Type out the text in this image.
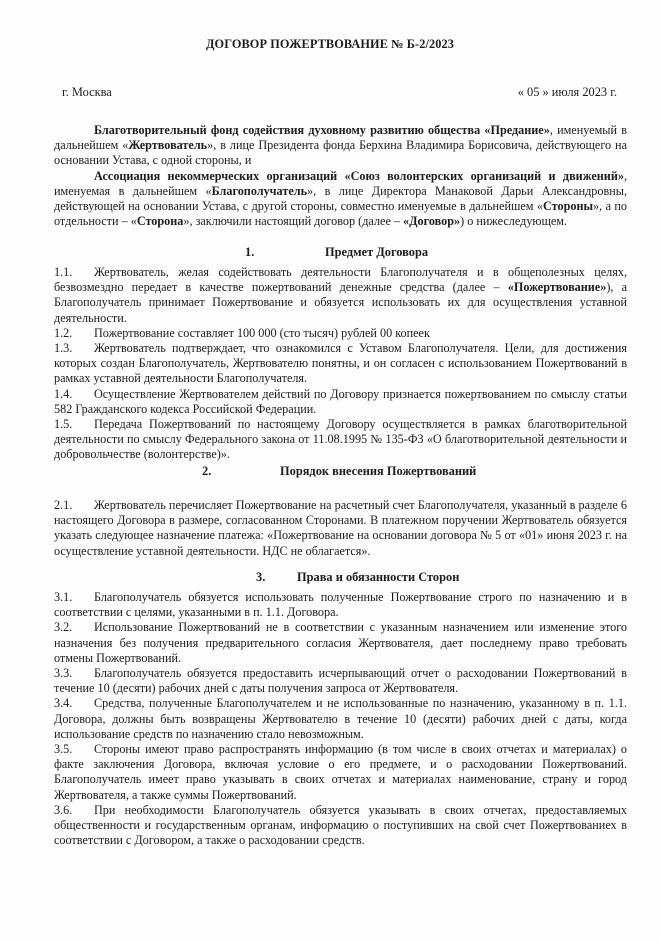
ДОГОВОР ПОЖЕРТВОВАНИЕ № Б-2/2023
г. Москва	« 05 » июля 2023 г.

Благотворительный фонд содействия духовному развитию общества «Предание», именуемый в дальнейшем «Жертвователь», в лице Президента фонда Берхина Владимира Борисовича, действующего на основании Устава, с одной стороны, и

Ассоциация некоммерческих организаций «Союз волонтерских организаций и движений», именуемая в дальнейшем «Благополучатель», в лице Директора Манаковой Дарьи Александровны, действующей на основании Устава, с другой стороны, совместно именуемые в дальнейшем «Стороны», а по отдельности – «Сторона», заключили настоящий договор (далее – «Договор») о нижеследующем.

1.	Предмет Договора

1.1. Жертвователь, желая содействовать деятельности Благополучателя и в общеполезных целях, безвозмездно передает в качестве пожертвований денежные средства (далее – «Пожертвование»), а Благополучатель принимает Пожертвование и обязуется использовать их для осуществления уставной деятельности.

1.2. Пожертвование составляет 100 000 (сто тысяч) рублей 00 копеек

1.3. Жертвователь подтверждает, что ознакомился с Уставом Благополучателя. Цели, для достижения которых создан Благополучатель, Жертвователю понятны, и он согласен с использованием Пожертвований в рамках уставной деятельности Благополучателя.

1.4. Осуществление Жертвователем действий по Договору признается пожертвованием по смыслу статьи 582 Гражданского кодекса Российской Федерации.

1.5. Передача Пожертвований по настоящему Договору осуществляется в рамках благотворительной деятельности по смыслу Федерального закона от 11.08.1995 № 135-ФЗ «О благотворительной деятельности и добровольчестве (волонтерстве)».

2.	Порядок внесения Пожертвований

2.1. Жертвователь перечисляет Пожертвование на расчетный счет Благополучателя, указанный в разделе 6 настоящего Договора в размере, согласованном Сторонами. В платежном поручении Жертвователь обязуется указать следующее назначение платежа: «Пожертвование на основании договора № 5 от «01» июня 2023 г. на осуществление уставной деятельности. НДС не облагается».

3.	Права и обязанности Сторон

3.1. Благополучатель обязуется использовать полученные Пожертвование строго по назначению и в соответствии с целями, указанными в п. 1.1. Договора.

3.2. Использование Пожертвований не в соответствии с указанным назначением или изменение этого назначения без получения предварительного согласия Жертвователя, дает последнему право требовать отмены Пожертвований.

3.3. Благополучатель обязуется предоставить исчерпывающий отчет о расходовании Пожертвований в течение 10 (десяти) рабочих дней с даты получения запроса от Жертвователя.

3.4. Средства, полученные Благополучателем и не использованные по назначению, указанному в п. 1.1. Договора, должны быть возвращены Жертвователю в течение 10 (десяти) рабочих дней с даты, когда использование средств по назначению стало невозможным.

3.5. Стороны имеют право распространять информацию (в том числе в своих отчетах и материалах) о факте заключения Договора, включая условие о его предмете, и о расходовании Пожертвований. Благополучатель имеет право указывать в своих отчетах и материалах наименование, страну и город Жертвователя, а также суммы Пожертвований.

3.6. При необходимости Благополучатель обязуется указывать в своих отчетах, предоставляемых общественности и государственным органам, информацию о поступивших на свой счет Пожертвованиех в соответствии с Договором, а также о расходовании средств.
